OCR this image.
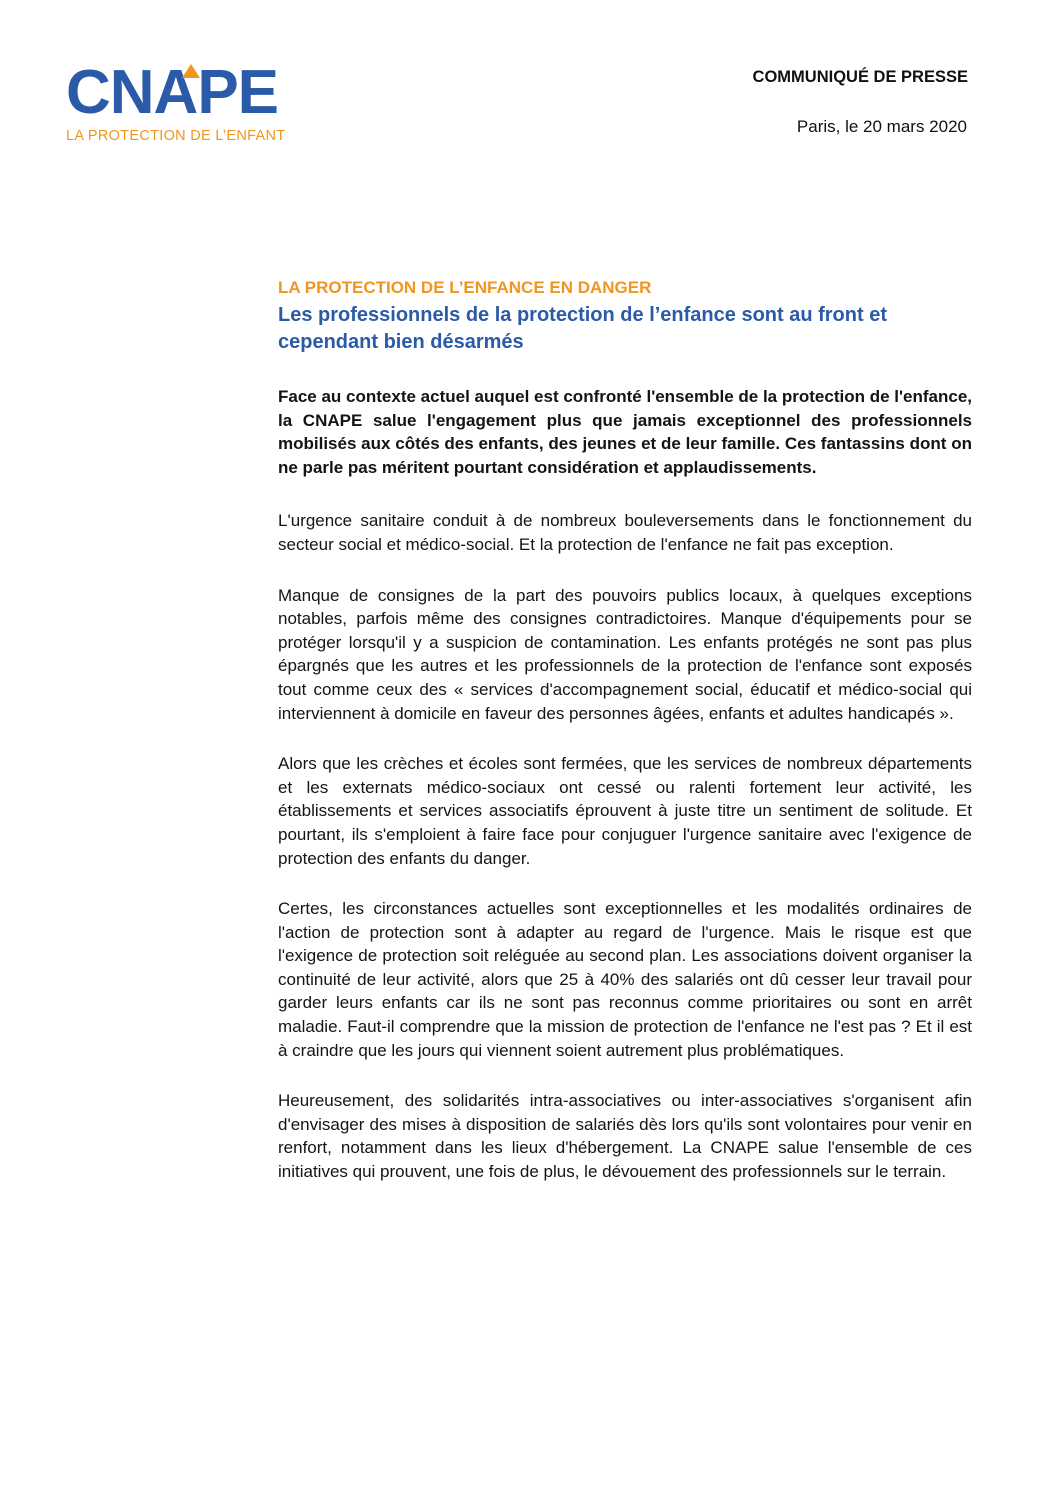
CNAPE
LA PROTECTION DE L’ENFANT
COMMUNIQUÉ DE PRESSE
Paris, le 20 mars 2020
LA PROTECTION DE L’ENFANCE EN DANGER
Les professionnels de la protection de l’enfance sont au front et cependant bien désarmés

Face au contexte actuel auquel est confronté l'ensemble de la protection de l'enfance, la CNAPE salue l'engagement plus que jamais exceptionnel des professionnels mobilisés aux côtés des enfants, des jeunes et de leur famille. Ces fantassins dont on ne parle pas méritent pourtant considération et applaudissements.

L'urgence sanitaire conduit à de nombreux bouleversements dans le fonctionnement du secteur social et médico-social. Et la protection de l'enfance ne fait pas exception.

Manque de consignes de la part des pouvoirs publics locaux, à quelques exceptions notables, parfois même des consignes contradictoires. Manque d'équipements pour se protéger lorsqu'il y a suspicion de contamination. Les enfants protégés ne sont pas plus épargnés que les autres et les professionnels de la protection de l'enfance sont exposés tout comme ceux des « services d'accompagnement social, éducatif et médico-social qui interviennent à domicile en faveur des personnes âgées, enfants et adultes handicapés ».

Alors que les crèches et écoles sont fermées, que les services de nombreux départements et les externats médico-sociaux ont cessé ou ralenti fortement leur activité, les établissements et services associatifs éprouvent à juste titre un sentiment de solitude. Et pourtant, ils s'emploient à faire face pour conjuguer l'urgence sanitaire avec l'exigence de protection des enfants du danger.

Certes, les circonstances actuelles sont exceptionnelles et les modalités ordinaires de l'action de protection sont à adapter au regard de l'urgence. Mais le risque est que l'exigence de protection soit reléguée au second plan. Les associations doivent organiser la continuité de leur activité, alors que 25 à 40% des salariés ont dû cesser leur travail pour garder leurs enfants car ils ne sont pas reconnus comme prioritaires ou sont en arrêt maladie. Faut-il comprendre que la mission de protection de l'enfance ne l'est pas ? Et il est à craindre que les jours qui viennent soient autrement plus problématiques.

Heureusement, des solidarités intra-associatives ou inter-associatives s'organisent afin d'envisager des mises à disposition de salariés dès lors qu'ils sont volontaires pour venir en renfort, notamment dans les lieux d'hébergement. La CNAPE salue l'ensemble de ces initiatives qui prouvent, une fois de plus, le dévouement des professionnels sur le terrain.
